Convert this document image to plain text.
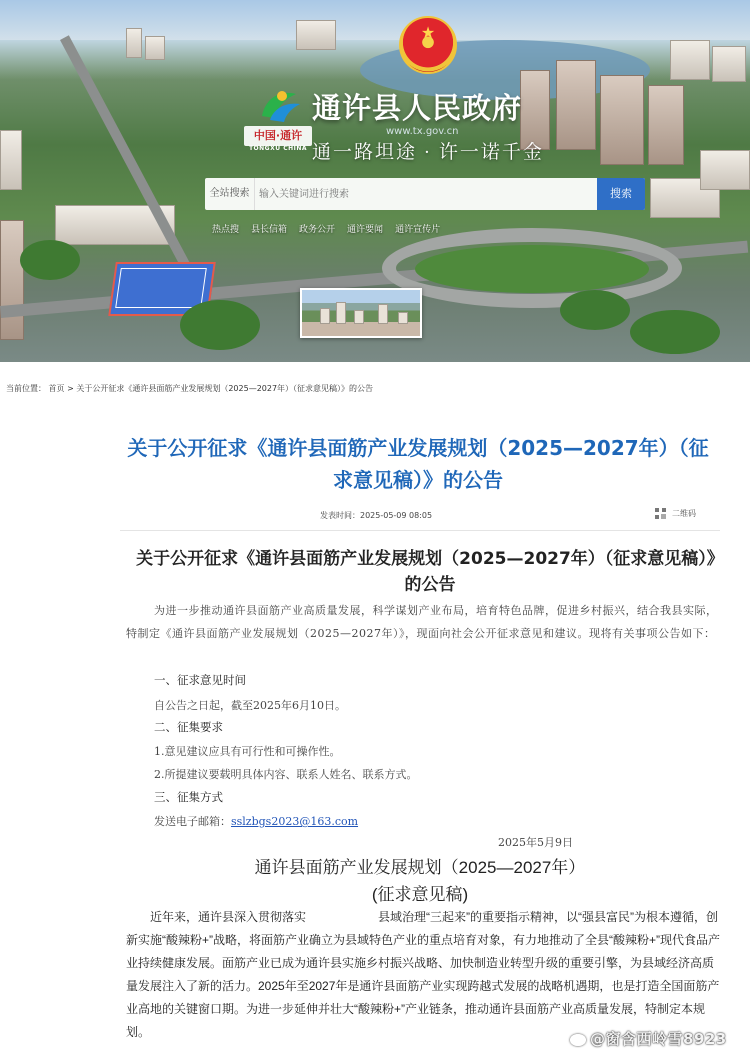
★
通许县人民政府
中国·通许
TONGXU CHINA
www.tx.gov.cn
通一路坦途 · 许一诺千金
全站搜索
输入关键词进行搜索	搜索
热点搜 县长信箱 政务公开 通许要闻 通许宣传片
当前位置： 首页 > 关于公开征求《通许县面筋产业发展规划（2025—2027年）（征求意见稿）》的公告
关于公开征求《通许县面筋产业发展规划（2025—2027年）（征求意见稿）》的公告
发表时间：2025-05-09 08:05	二维码
关于公开征求《通许县面筋产业发展规划（2025—2027年）（征求意见稿）》的公告
为进一步推动通许县面筋产业高质量发展，科学谋划产业布局，培育特色品牌，促进乡村振兴，结合我县实际，特制定《通许县面筋产业发展规划（2025—2027年）》，现面向社会公开征求意见和建议。现将有关事项公告如下：
一、征求意见时间
自公告之日起，截至2025年6月10日。
二、征集要求
1.意见建议应具有可行性和可操作性。
2.所提建议要载明具体内容、联系人姓名、联系方式。
三、征集方式
发送电子邮箱：sslzbgs2023@163.com
2025年5月9日
通许县面筋产业发展规划（2025—2027年）
(征求意见稿)
近年来，通许县深入贯彻落实	县域治理“三起来”的重要指示精神，以“强县富民”为根本遵循，创新实施“酸辣粉+”战略，将面筋产业确立为县域特色产业的重点培育对象，有力地推动了全县“酸辣粉+”现代食品产业持续健康发展。面筋产业已成为通许县实施乡村振兴战略、加快制造业转型升级的重要引擎，为县域经济高质量发展注入了新的活力。2025年至2027年是通许县面筋产业实现跨越式发展的战略机遇期，也是打造全国面筋产业高地的关键窗口期。为进一步延伸并壮大“酸辣粉+”产业链条，推动通许县面筋产业高质量发展，特制定本规划。	@窗含西岭雪8923
